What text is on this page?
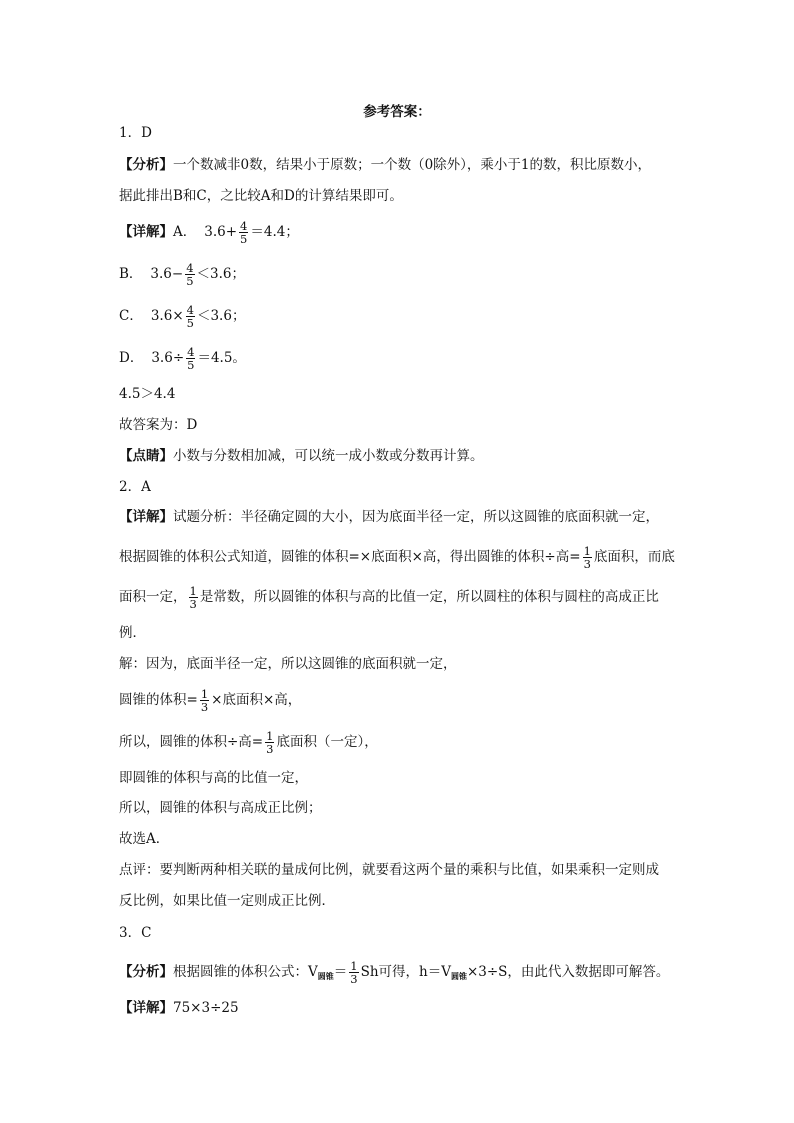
参考答案：
1．D
【分析】一个数减非0数，结果小于原数；一个数（0除外），乘小于1的数，积比原数小，
据此排出B和C，之比较A和D的计算结果即可。
【详解】A． $3.6+ \frac{4}{5} =4.4$；
B． $3.6- \frac{4}{5} <3.6$；
C． $3.6\times \frac{4}{5} <3.6$；
D． $3.6\div \frac{4}{5} =4.5$。
4.5＞4.4
故答案为：D
【点睛】小数与分数相加减，可以统一成小数或分数再计算。
2．A
【详解】试题分析：半径确定圆的大小，因为底面半径一定，所以这圆锥的底面积就一定，
根据圆锥的体积公式知道，圆锥的体积=×底面积×高，得出圆锥的体积÷高= $\frac{1}{3}$ 底面积，而底
面积一定， $\frac{1}{3}$ 是常数，所以圆锥的体积与高的比值一定，所以圆柱的体积与圆柱的高成正比
例．
解：因为，底面半径一定，所以这圆锥的底面积就一定，
圆锥的体积= $\frac{1}{3}$ ×底面积×高，
所以，圆锥的体积÷高= $\frac{1}{3}$ 底面积（一定），
即圆锥的体积与高的比值一定，
所以，圆锥的体积与高成正比例；
故选A．
点评：要判断两种相关联的量成何比例，就要看这两个量的乘积与比值，如果乘积一定则成
反比例，如果比值一定则成正比例．
3．C
【分析】根据圆锥的体积公式：$V_{圆锥}= \frac{1}{3}$ Sh可得，$h=V_{圆锥}\times 3\div S$，由此代入数据即可解答。
【详解】75×3÷25
